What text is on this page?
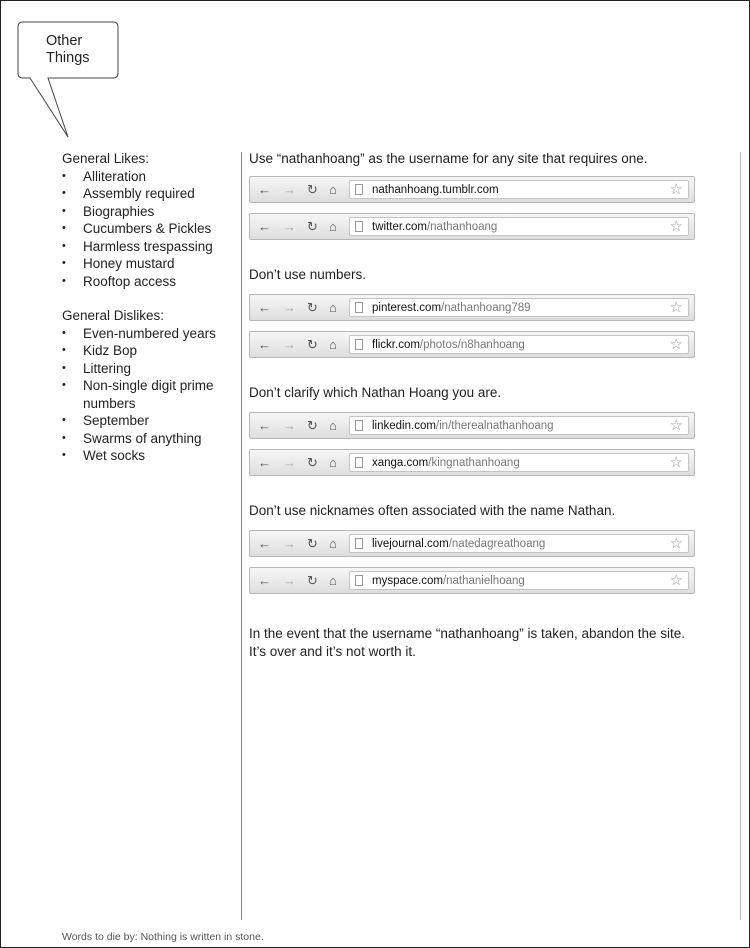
Other
Things

General Likes:

• Alliteration
• Assembly required
• Biographies
• Cucumbers & Pickles
• Harmless trespassing
• Honey mustard
• Rooftop access

General Dislikes:

• Even-numbered years
• Kidz Bop
• Littering
• Non-single digit prime numbers
• September
• Swarms of anything
• Wet socks

Use “nathanhoang” as the username for any site that requires one.

← → ↻ ⌂	nathanhoang.tumblr.com	☆
← → ↻ ⌂	twitter.com/nathanhoang	☆

Don’t use numbers.

← → ↻ ⌂	pinterest.com/nathanhoang789	☆
← → ↻ ⌂	flickr.com/photos/n8hanhoang	☆

Don’t clarify which Nathan Hoang you are.

← → ↻ ⌂	linkedin.com/in/therealnathanhoang	☆
← → ↻ ⌂	xanga.com/kingnathanhoang	☆

Don’t use nicknames often associated with the name Nathan.

← → ↻ ⌂	livejournal.com/natedagreathoang	☆
← → ↻ ⌂	myspace.com/nathanielhoang	☆

In the event that the username “nathanhoang” is taken, abandon the site.

It’s over and it’s not worth it.

Words to die by: Nothing is written in stone.
